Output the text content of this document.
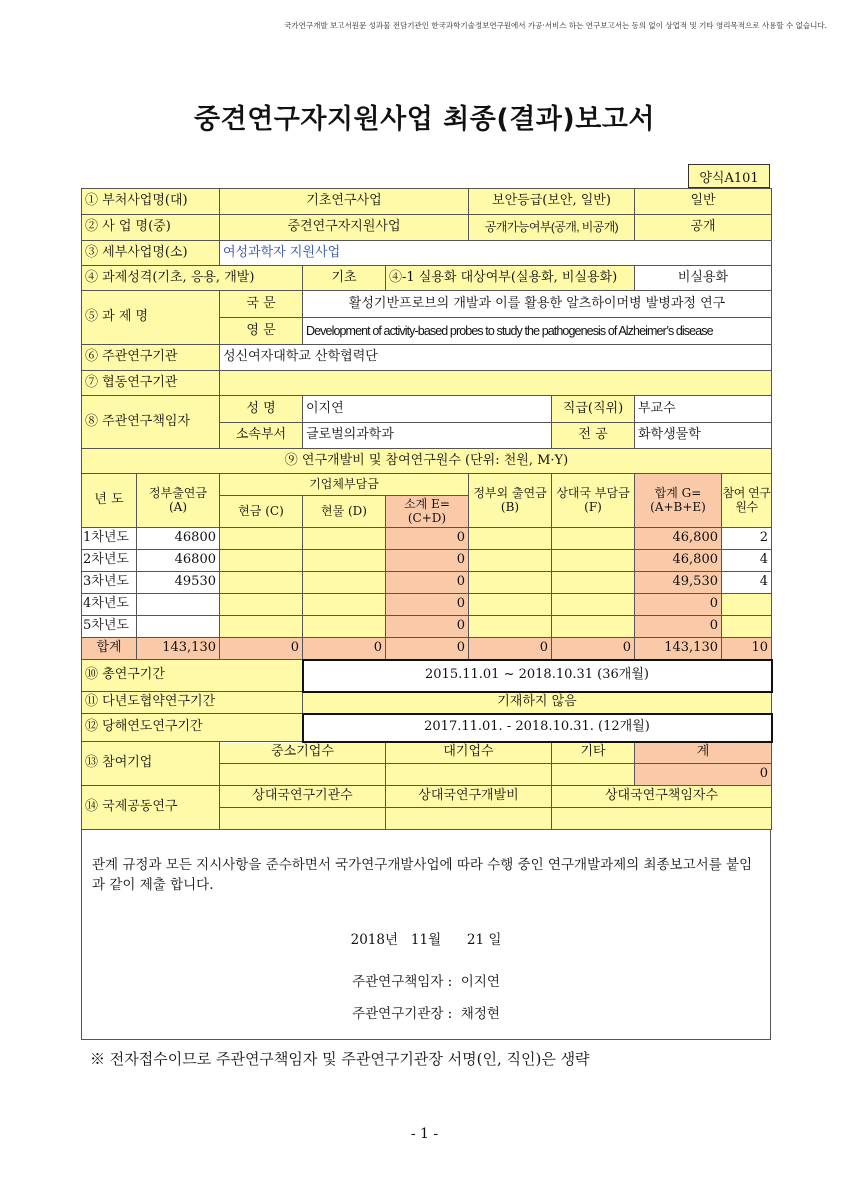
국가연구개발 보고서원문 성과물 전담기관인 한국과학기술정보연구원에서 가공·서비스 하는 연구보고서는 동의 없이 상업적 및 기타 영리목적으로 사용할 수 없습니다.
중견연구자지원사업 최종(결과)보고서
양식A101
① 부처사업명(대)		기초연구사업			보안등급(보안, 일반)		일반	
② 사 업 명(중)		중견연구자지원사업			공개가능여부(공개, 비공개)		공개	
③ 세부사업명(소)		여성과학자 지원사업						
④ 과제성격(기초, 응용, 개발)			기초	④-1 실용화 대상여부(실용화, 비실용화)			비실용화	
⑤ 과 제 명		국 문	활성기반프로브의 개발과 이를 활용한 알츠하이머병 발병과정 연구					
		영 문	Development of activity-based probes to study the pathogenesis of Alzheimer’s disease					
⑥ 주관연구기관		성신여자대학교 산학협력단						
⑦ 협동연구기관								
⑧ 주관연구책임자		성 명	이지연			직급(직위)	부교수	
		소속부서	글로벌의과학과			전 공	화학생물학	
⑨ 연구개발비 및 참여연구원수 (단위: 천원, M·Y)								
년 도	정부출연금 (A)	기업체부담금			정부외 출연금 (B)	상대국 부담금 (F)	합계 G=(A+B+E)	참여 연구원수
		현금 (C)	현물 (D)	소계 E=(C+D)				
1차년도	46800			0			46,800	2
2차년도	46800			0			46,800	4
3차년도	49530			0			49,530	4
4차년도				0			0	
5차년도				0			0	
합계	143,130	0	0	0	0	0	143,130	10
⑩ 총연구기간			2015.11.01 ~ 2018.10.31 (36개월)					
⑪ 다년도협약연구기간			기재하지 않음					
⑫ 당해연도연구기간			2017.11.01. - 2018.10.31. (12개월)					
⑬ 참여기업		중소기업수		대기업수		기타	계	
							0	
⑭ 국제공동연구		상대국연구기관수		상대국연구개발비		상대국연구책임자수		

관계 규정과 모든 지시사항을 준수하면서 국가연구개발사업에 따라 수행 중인 연구개발과제의 최종보고서를 붙임과 같이 제출 합니다.
2018년   11월      21 일
주관연구책임자 :  이지연
주관연구기관장 :  채정현
※ 전자접수이므로 주관연구책임자 및 주관연구기관장 서명(인, 직인)은 생략
- 1 -
